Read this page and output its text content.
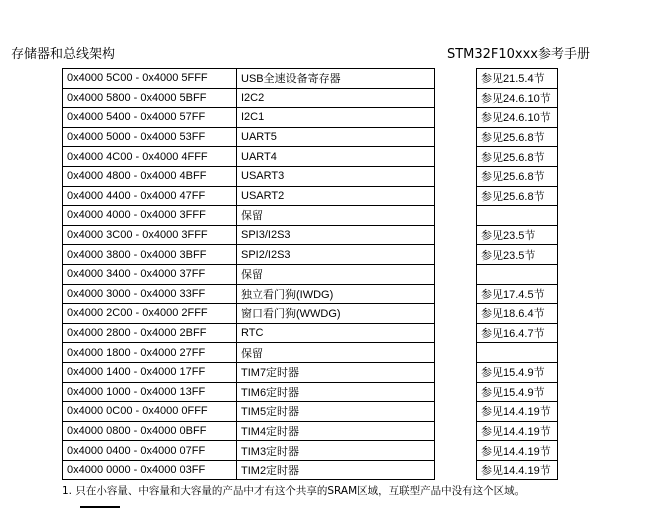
存储器和总线架构	STM32F10xxx参考手册
0x4000 5C00 - 0x4000 5FFF	USB全速设备寄存器		参见21.5.4节
0x4000 5800 - 0x4000 5BFF	I2C2		参见24.6.10节
0x4000 5400 - 0x4000 57FF	I2C1		参见24.6.10节
0x4000 5000 - 0x4000 53FF	UART5		参见25.6.8节
0x4000 4C00 - 0x4000 4FFF	UART4		参见25.6.8节
0x4000 4800 - 0x4000 4BFF	USART3		参见25.6.8节
0x4000 4400 - 0x4000 47FF	USART2		参见25.6.8节
0x4000 4000 - 0x4000 3FFF	保留		
0x4000 3C00 - 0x4000 3FFF	SPI3/I2S3		参见23.5节
0x4000 3800 - 0x4000 3BFF	SPI2/I2S3		参见23.5节
0x4000 3400 - 0x4000 37FF	保留		
0x4000 3000 - 0x4000 33FF	独立看门狗(IWDG)		参见17.4.5节
0x4000 2C00 - 0x4000 2FFF	窗口看门狗(WWDG)		参见18.6.4节
0x4000 2800 - 0x4000 2BFF	RTC		参见16.4.7节
0x4000 1800 - 0x4000 27FF	保留		
0x4000 1400 - 0x4000 17FF	TIM7定时器		参见15.4.9节
0x4000 1000 - 0x4000 13FF	TIM6定时器		参见15.4.9节
0x4000 0C00 - 0x4000 0FFF	TIM5定时器		参见14.4.19节
0x4000 0800 - 0x4000 0BFF	TIM4定时器		参见14.4.19节
0x4000 0400 - 0x4000 07FF	TIM3定时器		参见14.4.19节
0x4000 0000 - 0x4000 03FF	TIM2定时器		参见14.4.19节
1. 只在小容量、中容量和大容量的产品中才有这个共享的SRAM区域，互联型产品中没有这个区域。
